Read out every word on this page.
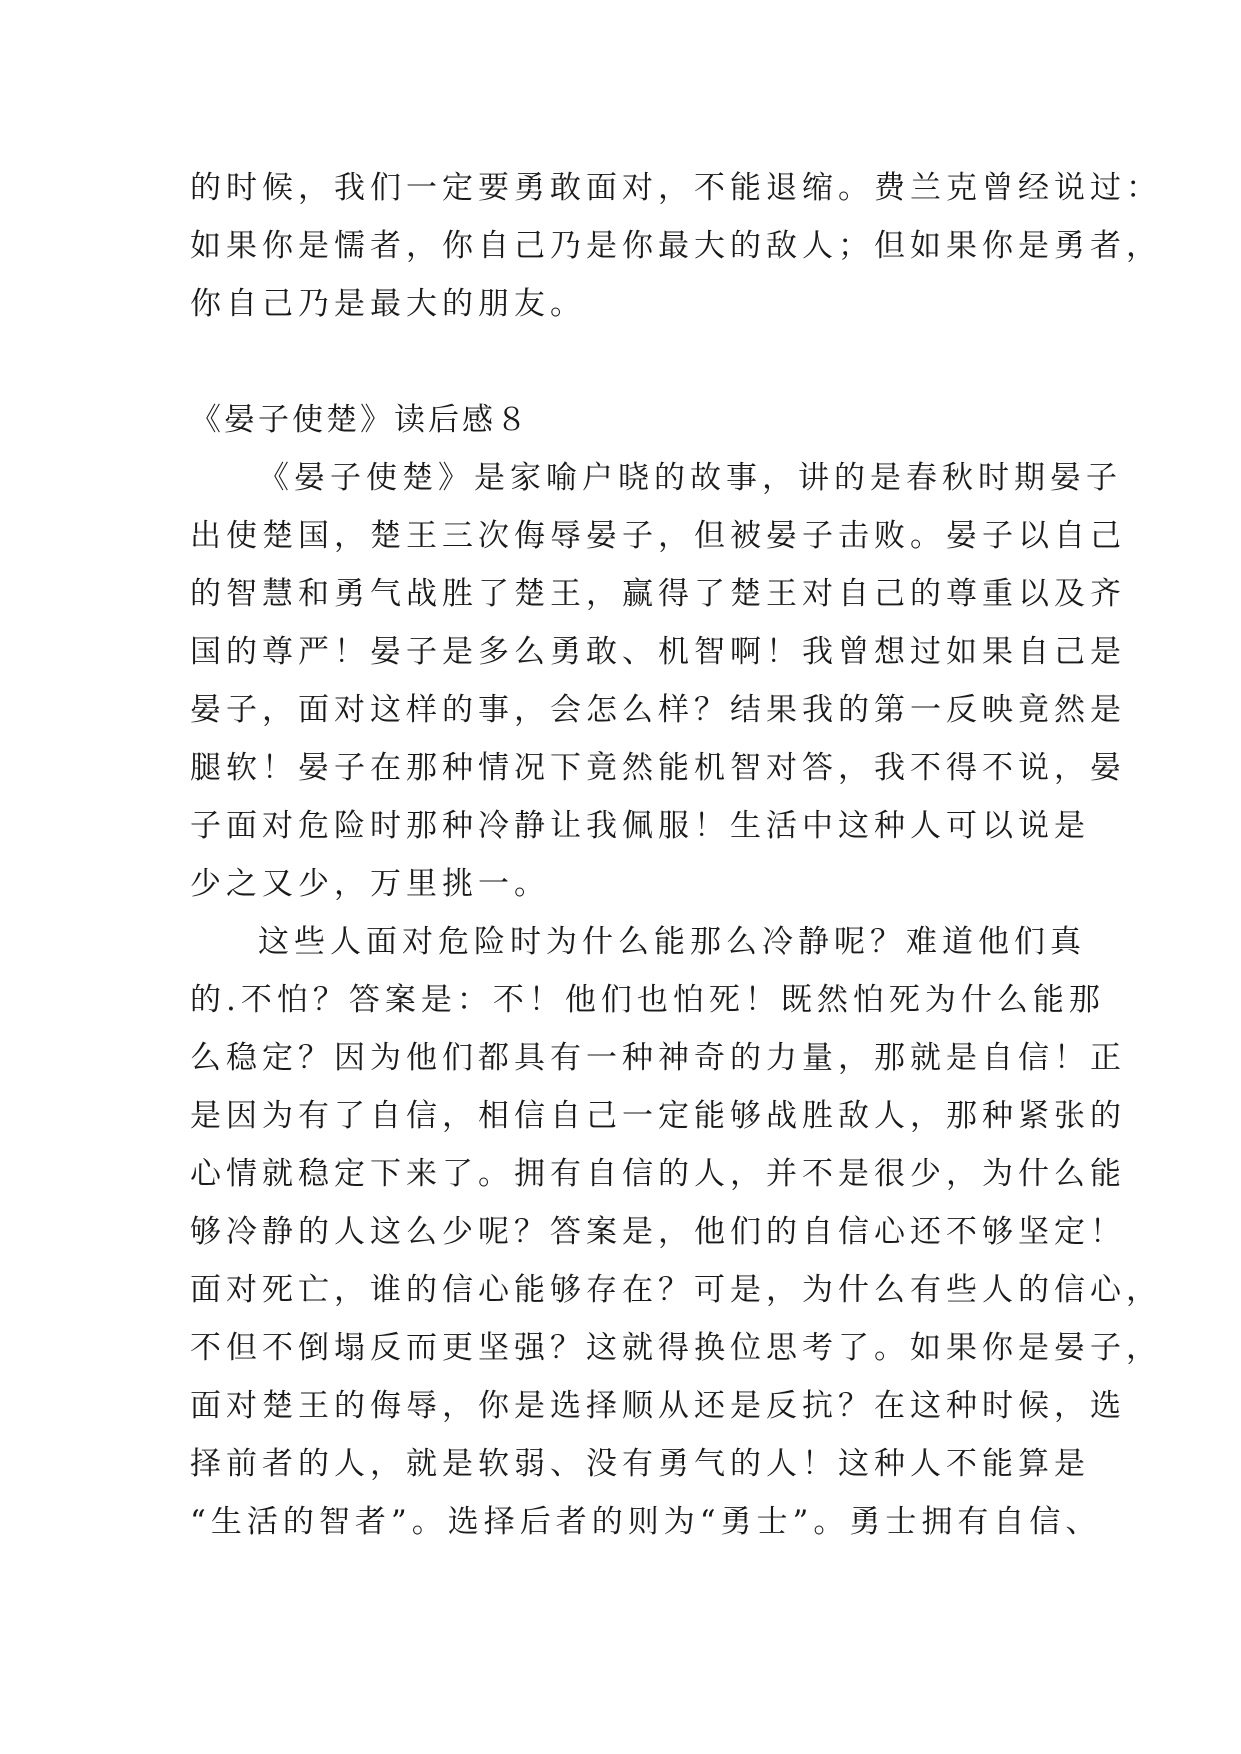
的时候，我们一定要勇敢面对，不能退缩。费兰克曾经说过：
如果你是懦者，你自己乃是你最大的敌人；但如果你是勇者，
你自己乃是最大的朋友。
《晏子使楚》读后感８
《晏子使楚》是家喻户晓的故事，讲的是春秋时期晏子
出使楚国，楚王三次侮辱晏子，但被晏子击败。晏子以自己
的智慧和勇气战胜了楚王，赢得了楚王对自己的尊重以及齐
国的尊严！晏子是多么勇敢、机智啊！我曾想过如果自己是
晏子，面对这样的事，会怎么样？结果我的第一反映竟然是
腿软！晏子在那种情况下竟然能机智对答，我不得不说，晏
子面对危险时那种冷静让我佩服！生活中这种人可以说是
少之又少，万里挑一。
这些人面对危险时为什么能那么冷静呢？难道他们真
的.不怕？答案是：不！他们也怕死！既然怕死为什么能那
么稳定？因为他们都具有一种神奇的力量，那就是自信！正
是因为有了自信，相信自己一定能够战胜敌人，那种紧张的
心情就稳定下来了。拥有自信的人，并不是很少，为什么能
够冷静的人这么少呢？答案是，他们的自信心还不够坚定！
面对死亡，谁的信心能够存在？可是，为什么有些人的信心，
不但不倒塌反而更坚强？这就得换位思考了。如果你是晏子，
面对楚王的侮辱，你是选择顺从还是反抗？在这种时候，选
择前者的人，就是软弱、没有勇气的人！这种人不能算是
“生活的智者”。选择后者的则为“勇士”。勇士拥有自信、
